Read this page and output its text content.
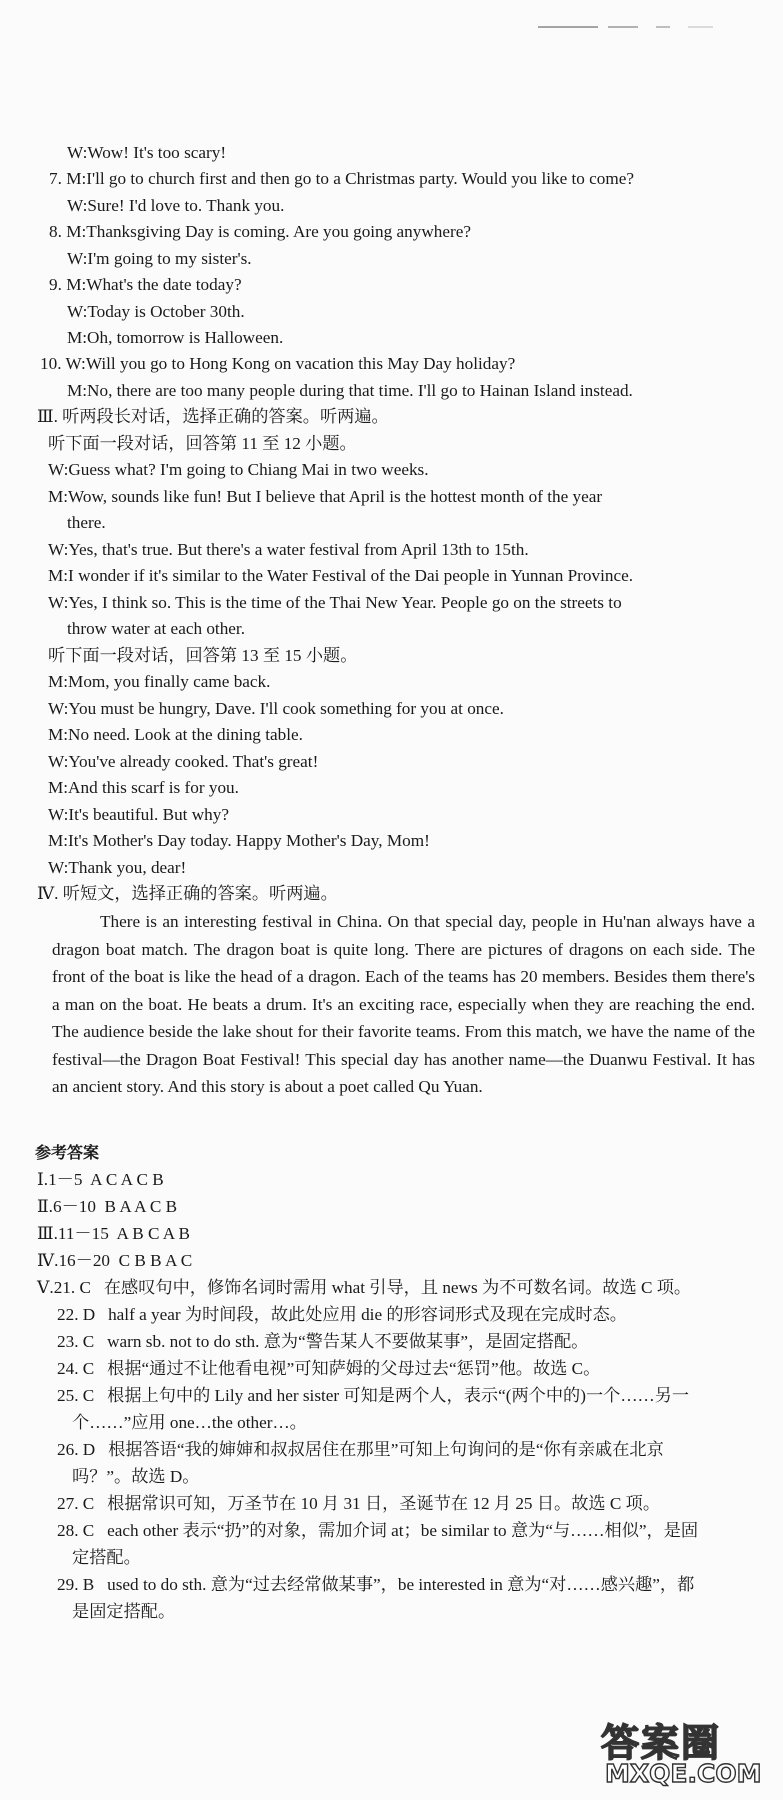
W:Wow! It's too scary!
7. M:I'll go to church first and then go to a Christmas party. Would you like to come?
W:Sure! I'd love to. Thank you.
8. M:Thanksgiving Day is coming. Are you going anywhere?
W:I'm going to my sister's.
9. M:What's the date today?
W:Today is October 30th.
M:Oh, tomorrow is Halloween.
10. W:Will you go to Hong Kong on vacation this May Day holiday?
M:No, there are too many people during that time. I'll go to Hainan Island instead.
Ⅲ. 听两段长对话，选择正确的答案。听两遍。
听下面一段对话，回答第 11 至 12 小题。
W:Guess what? I'm going to Chiang Mai in two weeks.
M:Wow, sounds like fun! But I believe that April is the hottest month of the year
there.
W:Yes, that's true. But there's a water festival from April 13th to 15th.
M:I wonder if it's similar to the Water Festival of the Dai people in Yunnan Province.
W:Yes, I think so. This is the time of the Thai New Year. People go on the streets to
throw water at each other.
听下面一段对话，回答第 13 至 15 小题。
M:Mom, you finally came back.
W:You must be hungry, Dave. I'll cook something for you at once.
M:No need. Look at the dining table.
W:You've already cooked. That's great!
M:And this scarf is for you.
W:It's beautiful. But why?
M:It's Mother's Day today. Happy Mother's Day, Mom!
W:Thank you, dear!
Ⅳ. 听短文，选择正确的答案。听两遍。
There is an interesting festival in China. On that special day, people in Hu'nan always have a dragon boat match. The dragon boat is quite long. There are pictures of dragons on each side. The front of the boat is like the head of a dragon. Each of the teams has 20 members. Besides them there's a man on the boat. He beats a drum. It's an exciting race, especially when they are reaching the end. The audience beside the lake shout for their favorite teams. From this match, we have the name of the festival—the Dragon Boat Festival! This special day has another name—the Duanwu Festival. It has an ancient story. And this story is about a poet called Qu Yuan.
参考答案
Ⅰ.1－5  A C A C B
Ⅱ.6－10  B A A C B
Ⅲ.11－15  A B C A B
Ⅳ.16－20  C B B A C
Ⅴ.21. C   在感叹句中，修饰名词时需用 what 引导，且 news 为不可数名词。故选 C 项。
22. D   half a year 为时间段，故此处应用 die 的形容词形式及现在完成时态。
23. C   warn sb. not to do sth. 意为“警告某人不要做某事”，是固定搭配。
24. C   根据“通过不让他看电视”可知萨姆的父母过去“惩罚”他。故选 C。
25. C   根据上句中的 Lily and her sister 可知是两个人，表示“(两个中的)一个……另一
个……”应用 one…the other…。
26. D   根据答语“我的婶婶和叔叔居住在那里”可知上句询问的是“你有亲戚在北京
吗？”。故选 D。
27. C   根据常识可知，万圣节在 10 月 31 日，圣诞节在 12 月 25 日。故选 C 项。
28. C   each other 表示“扔”的对象，需加介词 at；be similar to 意为“与……相似”，是固
定搭配。
29. B   used to do sth. 意为“过去经常做某事”，be interested in 意为“对……感兴趣”，都
是固定搭配。
答案圈
MXQE.COM
